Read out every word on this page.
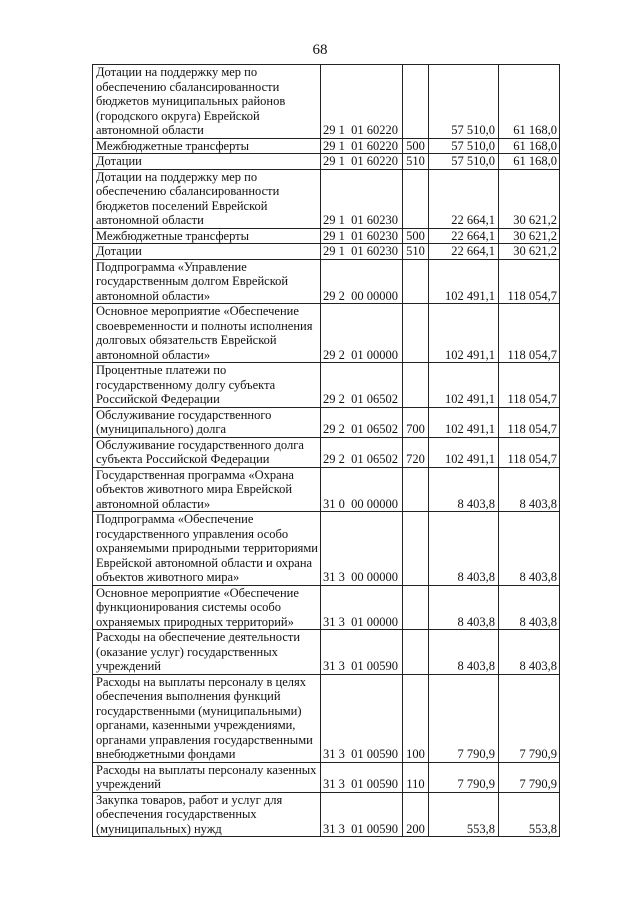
68
Дотации на поддержку мер по обеспечению сбалансированности бюджетов муниципальных районов (городского округа) Еврейской автономной области	29 1  01 60220		57 510,0	61 168,0
Межбюджетные трансферты	29 1  01 60220	500	57 510,0	61 168,0
Дотации	29 1  01 60220	510	57 510,0	61 168,0
Дотации на поддержку мер по обеспечению сбалансированности бюджетов поселений Еврейской автономной области	29 1  01 60230		22 664,1	30 621,2
Межбюджетные трансферты	29 1  01 60230	500	22 664,1	30 621,2
Дотации	29 1  01 60230	510	22 664,1	30 621,2
Подпрограмма «Управление государственным долгом Еврейской автономной области»	29 2  00 00000		102 491,1	118 054,7
Основное мероприятие «Обеспечение своевременности и полноты исполнения долговых обязательств Еврейской автономной области»	29 2  01 00000		102 491,1	118 054,7
Процентные платежи по государственному долгу субъекта Российской Федерации	29 2  01 06502		102 491,1	118 054,7
Обслуживание государственного (муниципального) долга	29 2  01 06502	700	102 491,1	118 054,7
Обслуживание государственного долга субъекта Российской Федерации	29 2  01 06502	720	102 491,1	118 054,7
Государственная программа «Охрана объектов животного мира Еврейской автономной области»	31 0  00 00000		8 403,8	8 403,8
Подпрограмма «Обеспечение государственного управления особо охраняемыми природными территориями Еврейской автономной области и охрана объектов животного мира»	31 3  00 00000		8 403,8	8 403,8
Основное мероприятие «Обеспечение функционирования системы особо охраняемых природных территорий»	31 3  01 00000		8 403,8	8 403,8
Расходы на обеспечение деятельности (оказание услуг) государственных учреждений	31 3  01 00590		8 403,8	8 403,8
Расходы на выплаты персоналу в целях обеспечения выполнения функций государственными (муниципальными) органами, казенными учреждениями, органами управления государственными внебюджетными фондами	31 3  01 00590	100	7 790,9	7 790,9
Расходы на выплаты персоналу казенных учреждений	31 3  01 00590	110	7 790,9	7 790,9
Закупка товаров, работ и услуг для обеспечения государственных (муниципальных) нужд	31 3  01 00590	200	553,8	553,8
